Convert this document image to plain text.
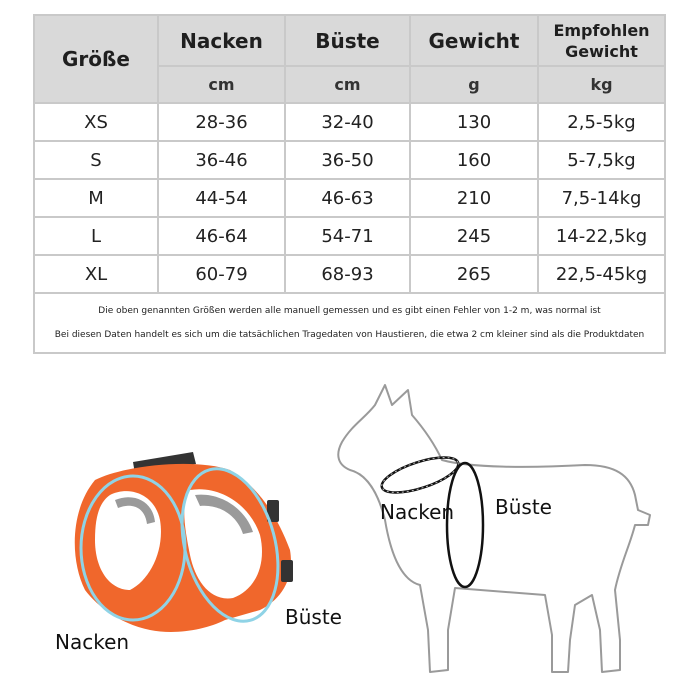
Größe	Nacken	Büste	Gewicht	Empfohlen
Gewicht
	cm	cm	g	kg
XS	28-36	32-40	130	2,5-5kg
S	36-46	36-50	160	5-7,5kg
M	44-54	46-63	210	7,5-14kg
L	46-64	54-71	245	14-22,5kg
XL	60-79	68-93	265	22,5-45kg

Die oben genannten Größen werden alle manuell gemessen und es gibt einen Fehler von 1-2 m, was normal ist
Bei diesen Daten handelt es sich um die tatsächlichen Tragedaten von Haustieren, die etwa 2 cm kleiner sind als die Produktdaten				
Nacken
Büste
Nacken Büste
